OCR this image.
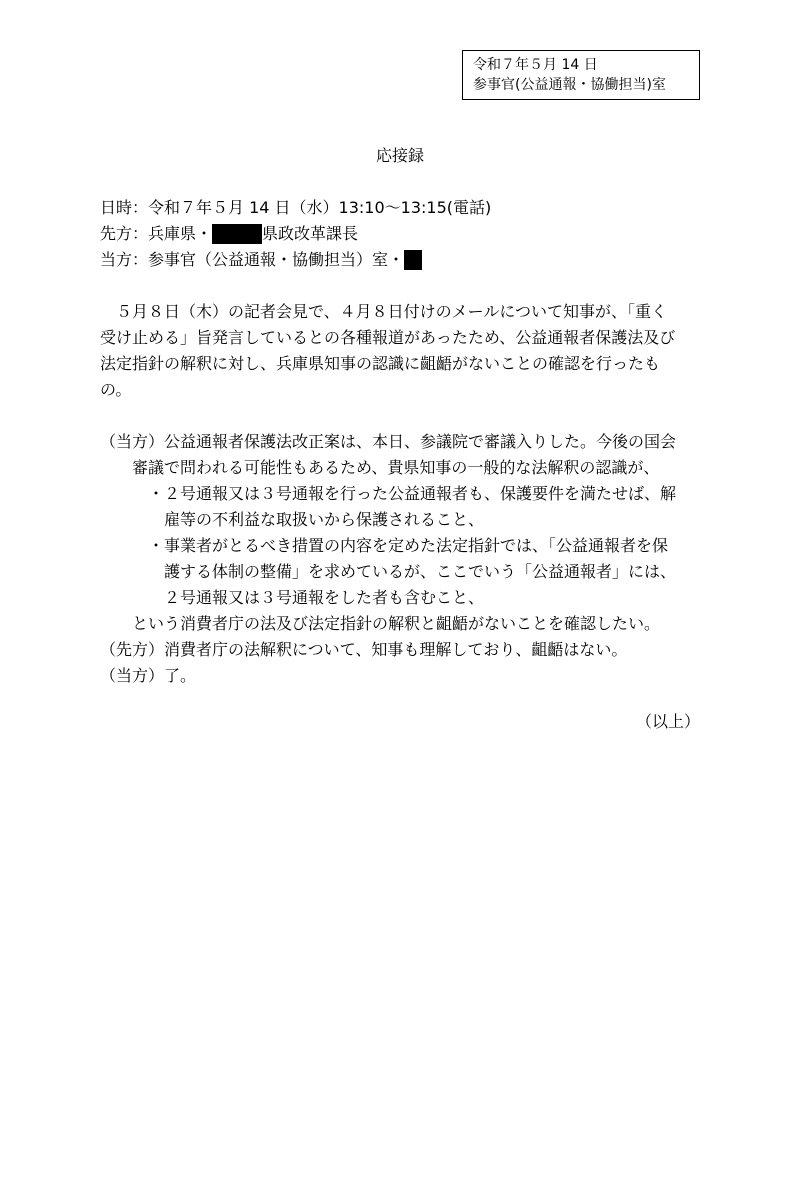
令和７年５月 14 日
参事官(公益通報・協働担当)室
応接録
日時：令和７年５月 14 日（水）13:10～13:15(電話)
先方：兵庫県・	県政改革課長
当方：参事官（公益通報・協働担当）室・
５月８日（木）の記者会見で、４月８日付けのメールについて知事が、「重く
受け止める」旨発言しているとの各種報道があったため、公益通報者保護法及び
法定指針の解釈に対し、兵庫県知事の認識に齟齬がないことの確認を行ったも
の。
（当方）公益通報者保護法改正案は、本日、参議院で審議入りした。今後の国会
審議で問われる可能性もあるため、貴県知事の一般的な法解釈の認識が、
・２号通報又は３号通報を行った公益通報者も、保護要件を満たせば、解
雇等の不利益な取扱いから保護されること、
・事業者がとるべき措置の内容を定めた法定指針では、「公益通報者を保
護する体制の整備」を求めているが、ここでいう「公益通報者」には、
２号通報又は３号通報をした者も含むこと、
という消費者庁の法及び法定指針の解釈と齟齬がないことを確認したい。
（先方）消費者庁の法解釈について、知事も理解しており、齟齬はない。
（当方）了。
（以上）
